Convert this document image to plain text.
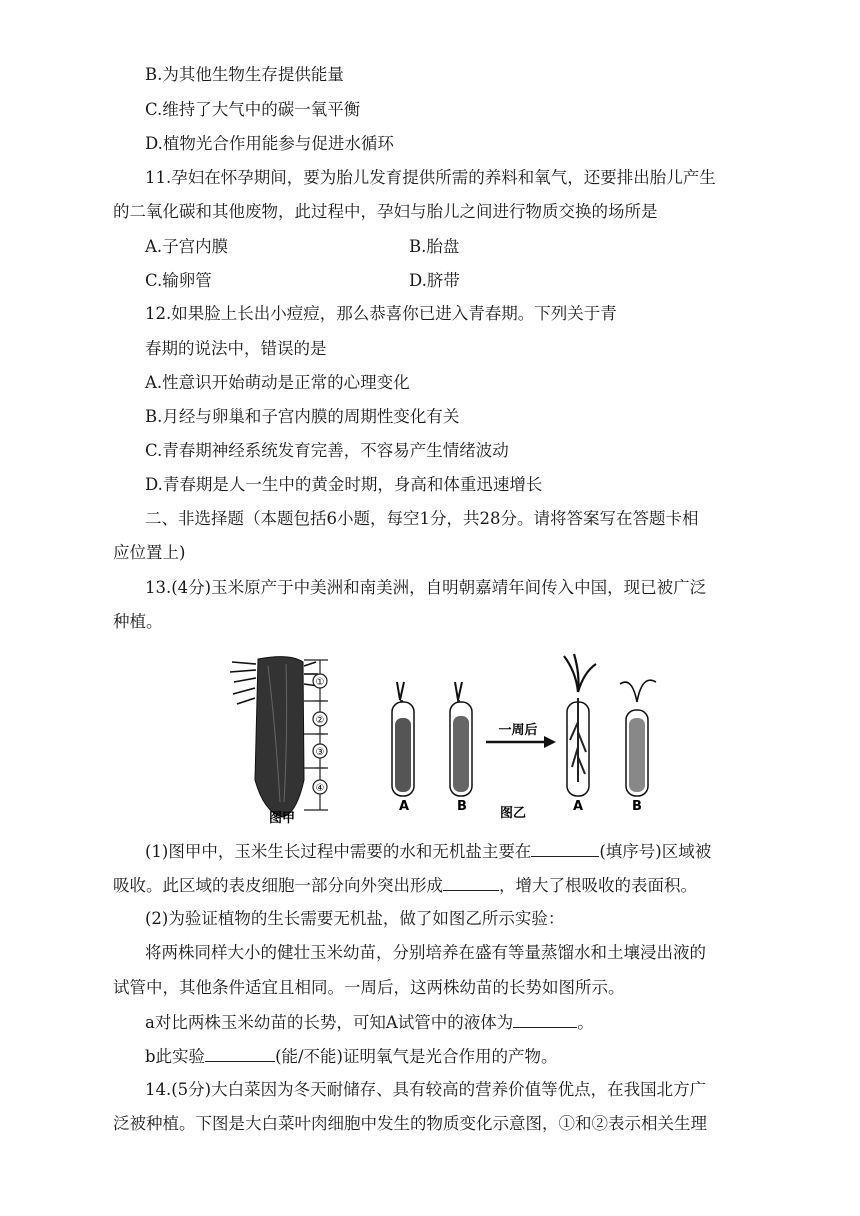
B.为其他生物生存提供能量
C.维持了大气中的碳一氧平衡
D.植物光合作用能参与促进水循环
11.孕妇在怀孕期间，要为胎儿发育提供所需的养料和氧气，还要排出胎儿产生
的二氧化碳和其他废物，此过程中，孕妇与胎儿之间进行物质交换的场所是
A.子宫内膜	B.胎盘
C.输卵管	D.脐带
12.如果脸上长出小痘痘，那么恭喜你已进入青春期。下列关于青
春期的说法中，错误的是
A.性意识开始萌动是正常的心理变化
B.月经与卵巢和子宫内膜的周期性变化有关
C.青春期神经系统发育完善，不容易产生情绪波动
D.青春期是人一生中的黄金时期，身高和体重迅速增长
二、非选择题（本题包括6小题，每空1分，共28分。请将答案写在答题卡相
应位置上)
13.(4分)玉米原产于中美洲和南美洲，自明朝嘉靖年间传入中国，现已被广泛
种植。
①
②
③
④
图甲
A	B
一周后
A	B
图乙
(1)图甲中，玉米生长过程中需要的水和无机盐主要在	(填序号)区域被
吸收。此区域的表皮细胞一部分向外突出形成	，增大了根吸收的表面积。
(2)为验证植物的生长需要无机盐，做了如图乙所示实验：
将两株同样大小的健壮玉米幼苗，分别培养在盛有等量蒸馏水和土壤浸出液的
试管中，其他条件适宜且相同。一周后，这两株幼苗的长势如图所示。
a对比两株玉米幼苗的长势，可知A试管中的液体为	。
b此实验	(能/不能)证明氧气是光合作用的产物。
14.(5分)大白菜因为冬天耐储存、具有较高的营养价值等优点，在我国北方广
泛被种植。下图是大白菜叶肉细胞中发生的物质变化示意图，①和②表示相关生理
